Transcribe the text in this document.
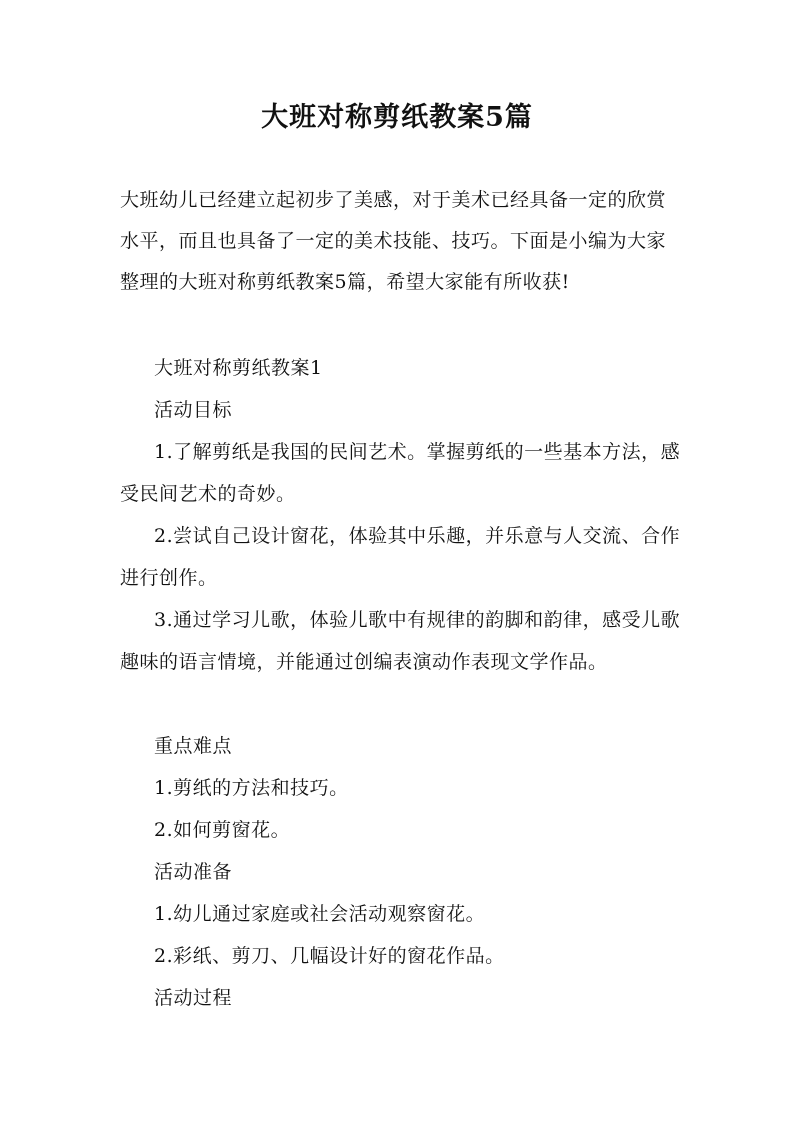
大班对称剪纸教案5篇

大班幼儿已经建立起初步了美感，对于美术已经具备一定的欣赏水平，而且也具备了一定的美术技能、技巧。下面是小编为大家整理的大班对称剪纸教案5篇，希望大家能有所收获!

大班对称剪纸教案1

活动目标

1.了解剪纸是我国的民间艺术。掌握剪纸的一些基本方法，感受民间艺术的奇妙。

2.尝试自己设计窗花，体验其中乐趣，并乐意与人交流、合作进行创作。

3.通过学习儿歌，体验儿歌中有规律的韵脚和韵律，感受儿歌趣味的语言情境，并能通过创编表演动作表现文学作品。

重点难点

1.剪纸的方法和技巧。

2.如何剪窗花。

活动准备

1.幼儿通过家庭或社会活动观察窗花。

2.彩纸、剪刀、几幅设计好的窗花作品。

活动过程
